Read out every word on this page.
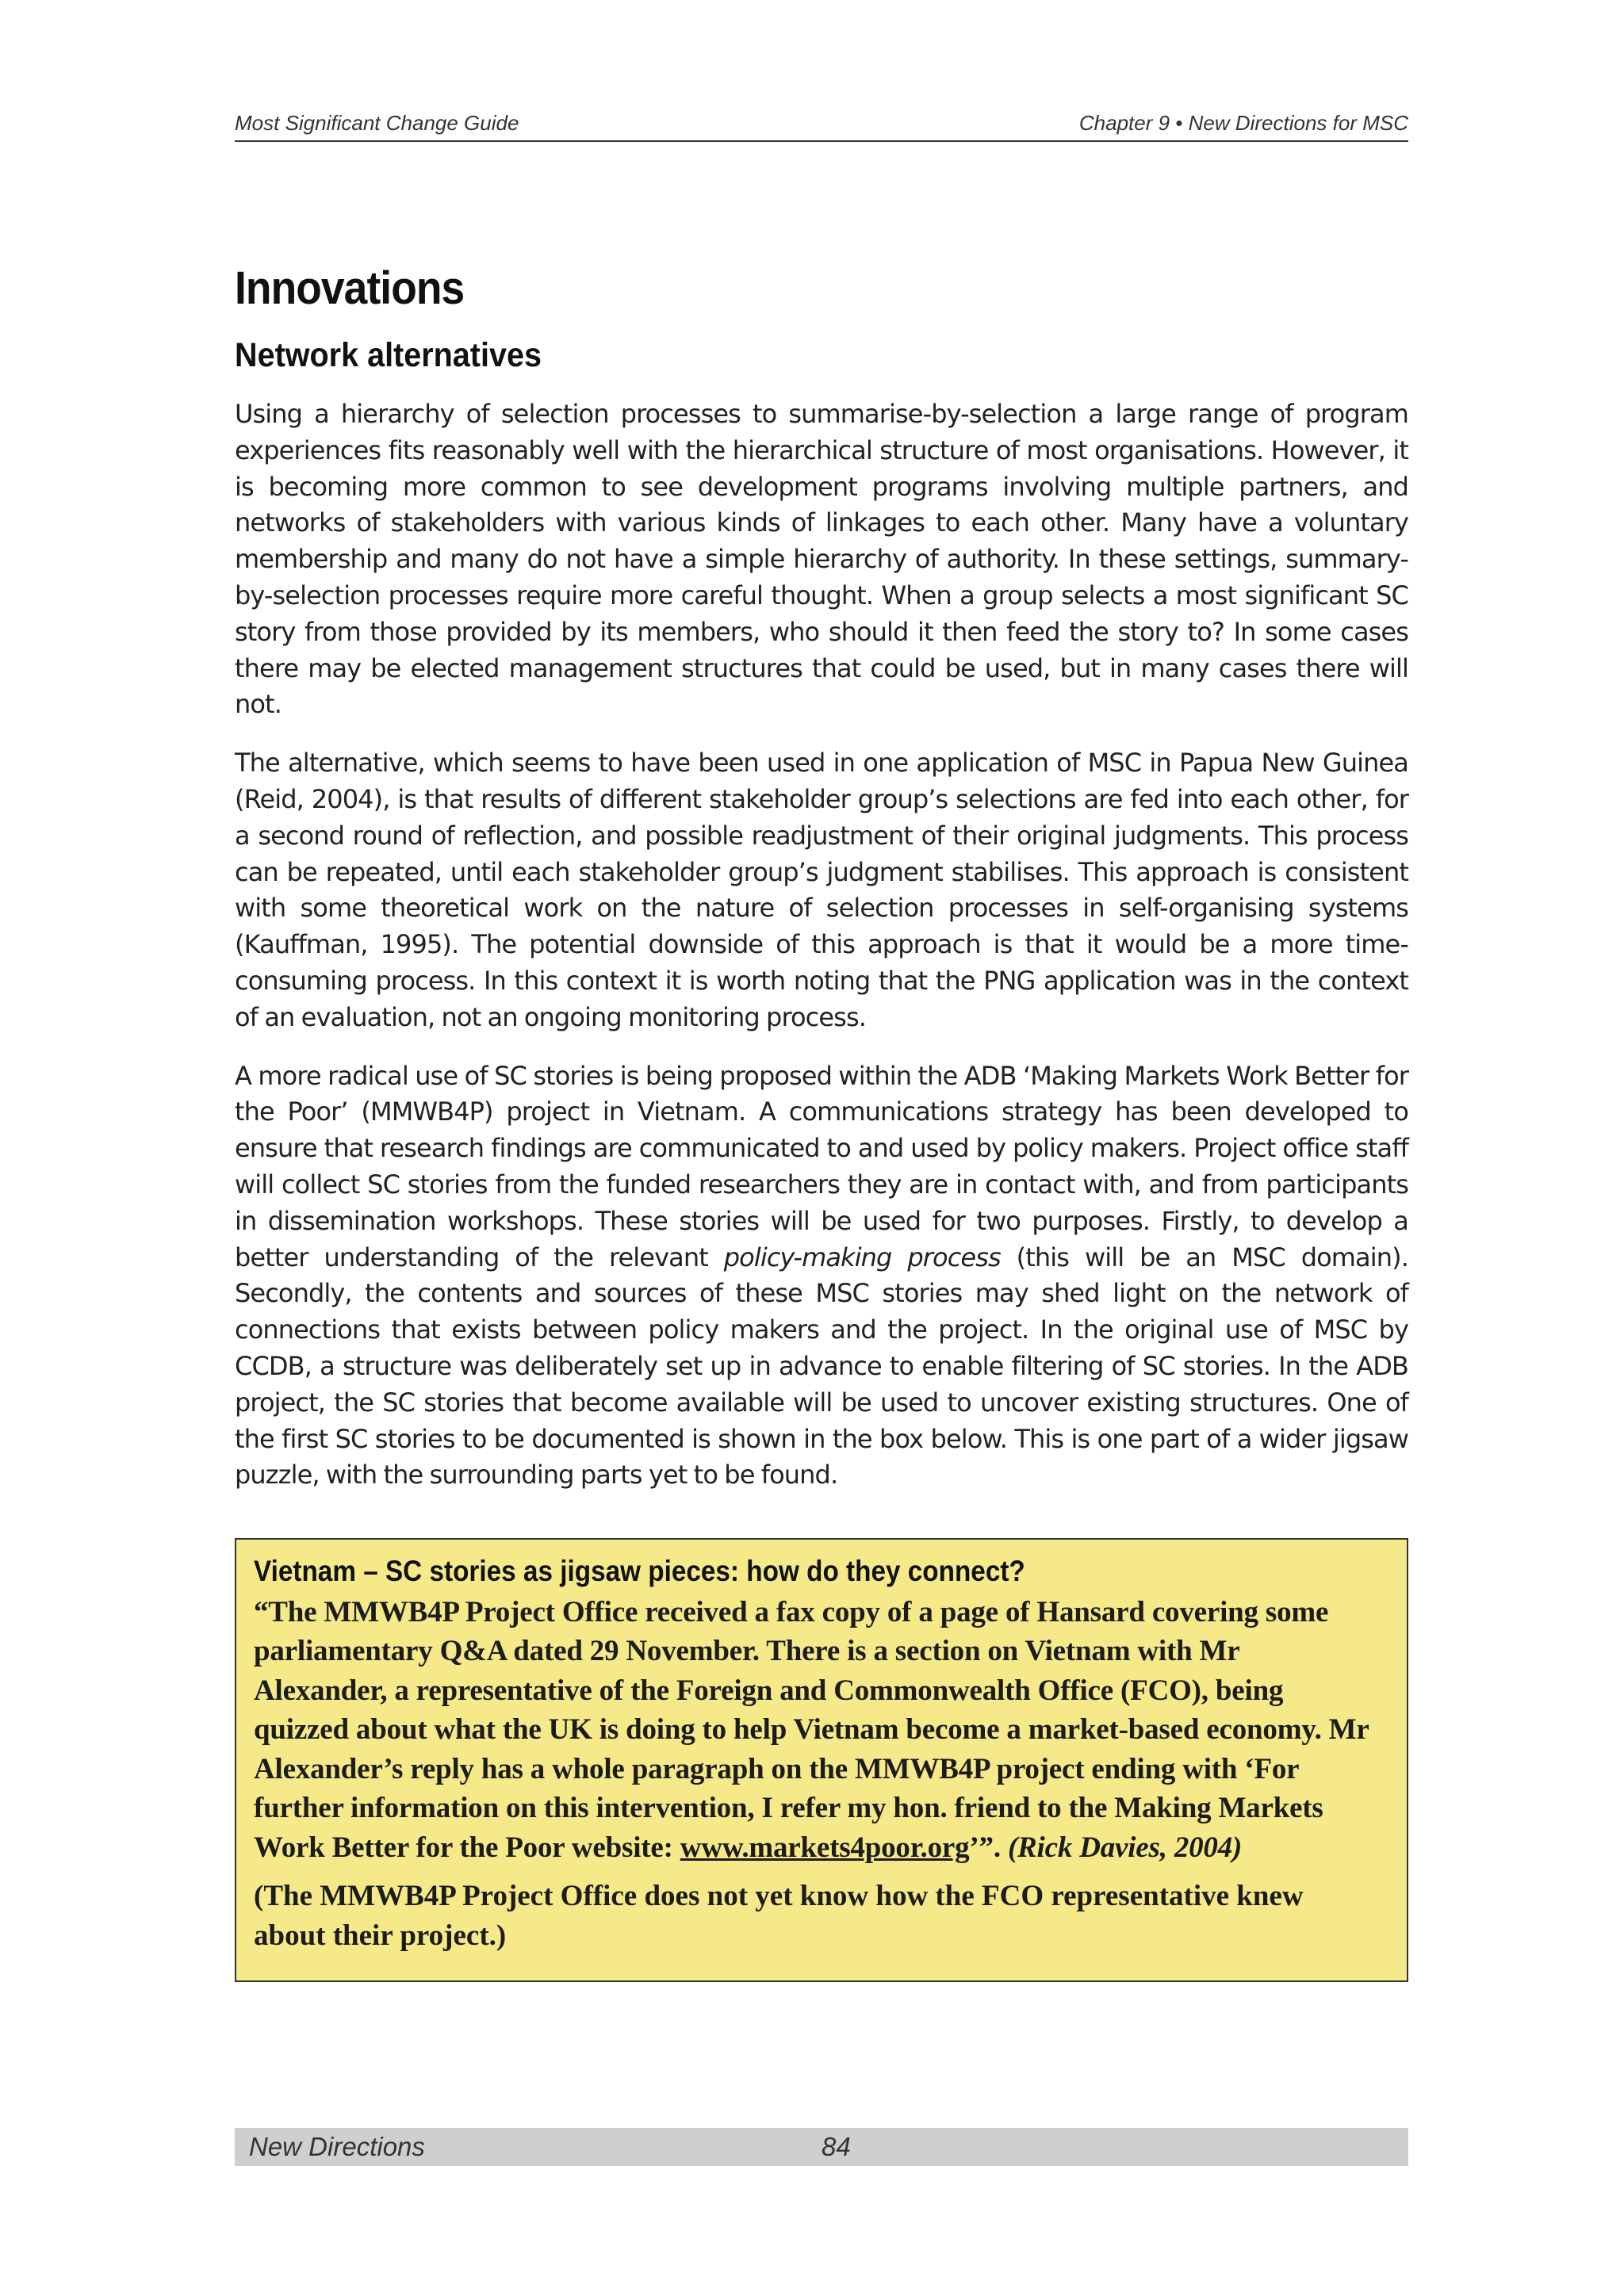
Most Significant Change Guide	Chapter 9 • New Directions for MSC
Innovations
Network alternatives

Using a hierarchy of selection processes to summarise-by-selection a large range of program experiences fits reasonably well with the hierarchical structure of most organisations. However, it is becoming more common to see development programs involving multiple partners, and networks of stakeholders with various kinds of linkages to each other. Many have a voluntary membership and many do not have a simple hierarchy of authority. In these settings, summary-by-selection processes require more careful thought. When a group selects a most significant SC story from those provided by its members, who should it then feed the story to? In some cases there may be elected management structures that could be used, but in many cases there will not.

The alternative, which seems to have been used in one application of MSC in Papua New Guinea (Reid, 2004), is that results of different stakeholder group’s selections are fed into each other, for a second round of reflection, and possible readjustment of their original judgments. This process can be repeated, until each stakeholder group’s judgment stabilises. This approach is consistent with some theoretical work on the nature of selection processes in self-organising systems (Kauffman, 1995). The potential downside of this approach is that it would be a more time-consuming process. In this context it is worth noting that the PNG application was in the context of an evaluation, not an ongoing monitoring process.

A more radical use of SC stories is being proposed within the ADB ‘Making Markets Work Better for the Poor’ (MMWB4P) project in Vietnam. A communications strategy has been developed to ensure that research findings are communicated to and used by policy makers. Project office staff will collect SC stories from the funded researchers they are in contact with, and from participants in dissemination workshops. These stories will be used for two purposes. Firstly, to develop a better understanding of the relevant policy-making process (this will be an MSC domain). Secondly, the contents and sources of these MSC stories may shed light on the network of connections that exists between policy makers and the project. In the original use of MSC by CCDB, a structure was deliberately set up in advance to enable filtering of SC stories. In the ADB project, the SC stories that become available will be used to uncover existing structures. One of the first SC stories to be documented is shown in the box below. This is one part of a wider jigsaw puzzle, with the surrounding parts yet to be found.

Vietnam – SC stories as jigsaw pieces: how do they connect?

“The MMWB4P Project Office received a fax copy of a page of Hansard covering some parliamentary Q&A dated 29 November. There is a section on Vietnam with Mr Alexander, a representative of the Foreign and Commonwealth Office (FCO), being quizzed about what the UK is doing to help Vietnam become a market-based economy. Mr Alexander’s reply has a whole paragraph on the MMWB4P project ending with ‘For further information on this intervention, I refer my hon. friend to the Making Markets Work Better for the Poor website: www.markets4poor.org’”. (Rick Davies, 2004)

(The MMWB4P Project Office does not yet know how the FCO representative knew about their project.)

New Directions	84
